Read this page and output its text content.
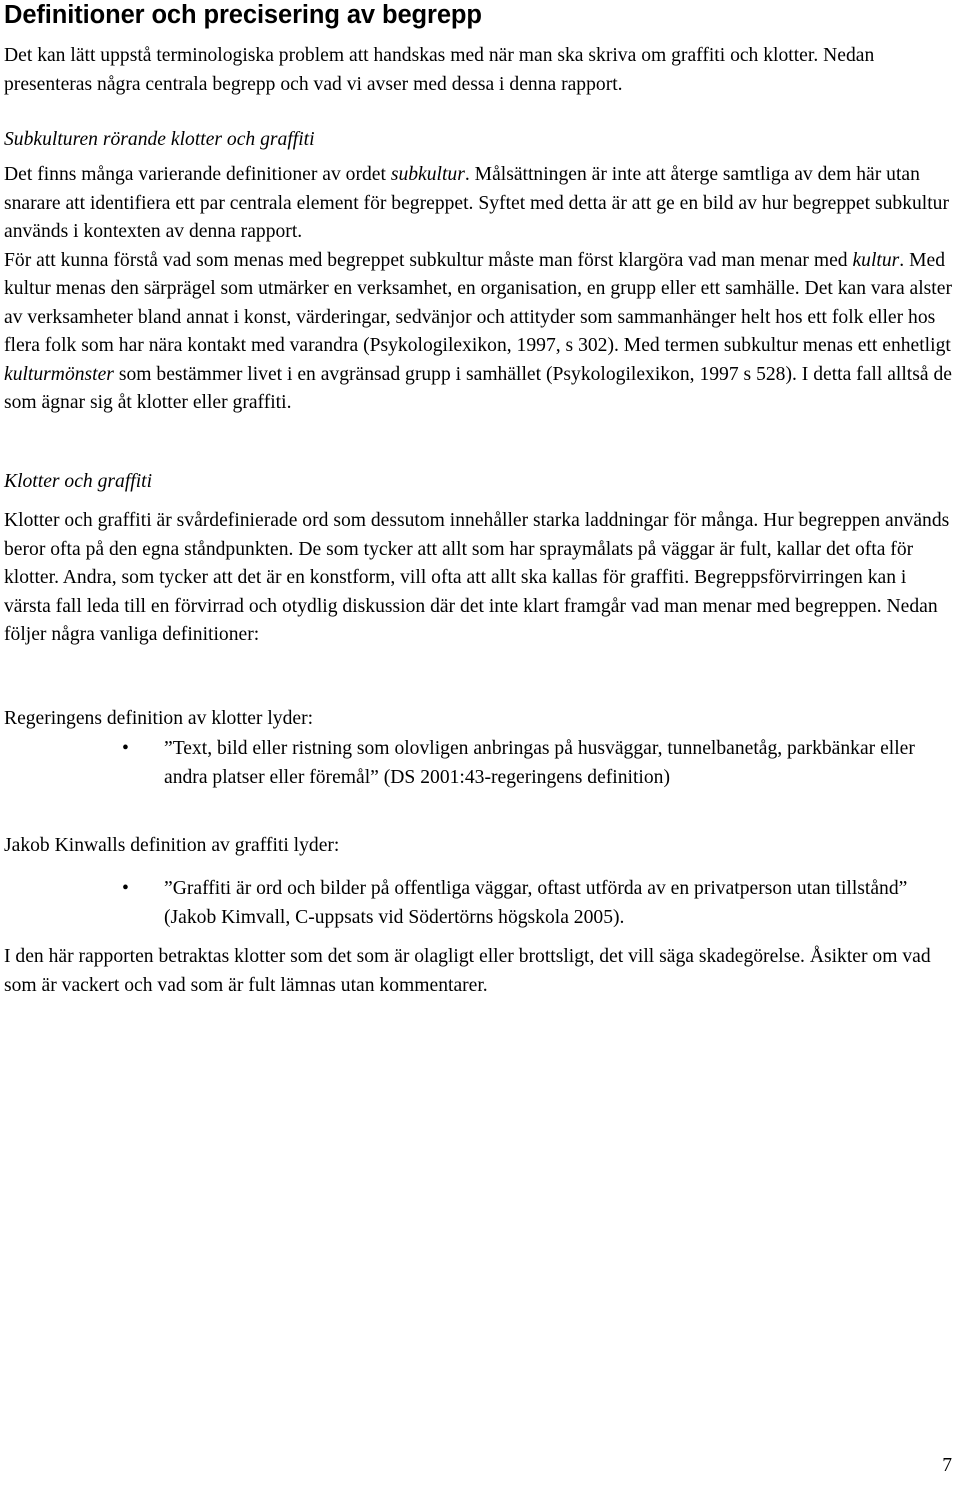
Definitioner och precisering av begrepp

Det kan lätt uppstå terminologiska problem att handskas med när man ska skriva om graffiti och klotter. Nedan presenteras några centrala begrepp och vad vi avser med dessa i denna rapport.

Subkulturen rörande klotter och graffiti

Det finns många varierande definitioner av ordet subkultur. Målsättningen är inte att återge samtliga av dem här utan snarare att identifiera ett par centrala element för begreppet. Syftet med detta är att ge en bild av hur begreppet subkultur används i kontexten av denna rapport.

För att kunna förstå vad som menas med begreppet subkultur måste man först klargöra vad man menar med kultur. Med kultur menas den särprägel som utmärker en verksamhet, en organisation, en grupp eller ett samhälle. Det kan vara alster av verksamheter bland annat i konst, värderingar, sedvänjor och attityder som sammanhänger helt hos ett folk eller hos flera folk som har nära kontakt med varandra (Psykologilexikon, 1997, s 302). Med termen subkultur menas ett enhetligt kulturmönster som bestämmer livet i en avgränsad grupp i samhället (Psykologilexikon, 1997 s 528). I detta fall alltså de som ägnar sig åt klotter eller graffiti.

Klotter och graffiti

Klotter och graffiti är svårdefinierade ord som dessutom innehåller starka laddningar för många. Hur begreppen används beror ofta på den egna ståndpunkten. De som tycker att allt som har spraymålats på väggar är fult, kallar det ofta för klotter. Andra, som tycker att det är en konstform, vill ofta att allt ska kallas för graffiti. Begreppsförvirringen kan i värsta fall leda till en förvirrad och otydlig diskussion där det inte klart framgår vad man menar med begreppen. Nedan följer några vanliga definitioner:

Regeringens definition av klotter lyder:

• ”Text, bild eller ristning som olovligen anbringas på husväggar, tunnelbanetåg, parkbänkar eller andra platser eller föremål” (DS 2001:43-regeringens definition)

Jakob Kinwalls definition av graffiti lyder:

• ”Graffiti är ord och bilder på offentliga väggar, oftast utförda av en privatperson utan tillstånd” (Jakob Kimvall, C-uppsats vid Södertörns högskola 2005).

I den här rapporten betraktas klotter som det som är olagligt eller brottsligt, det vill säga skadegörelse. Åsikter om vad som är vackert och vad som är fult lämnas utan kommentarer.

7
